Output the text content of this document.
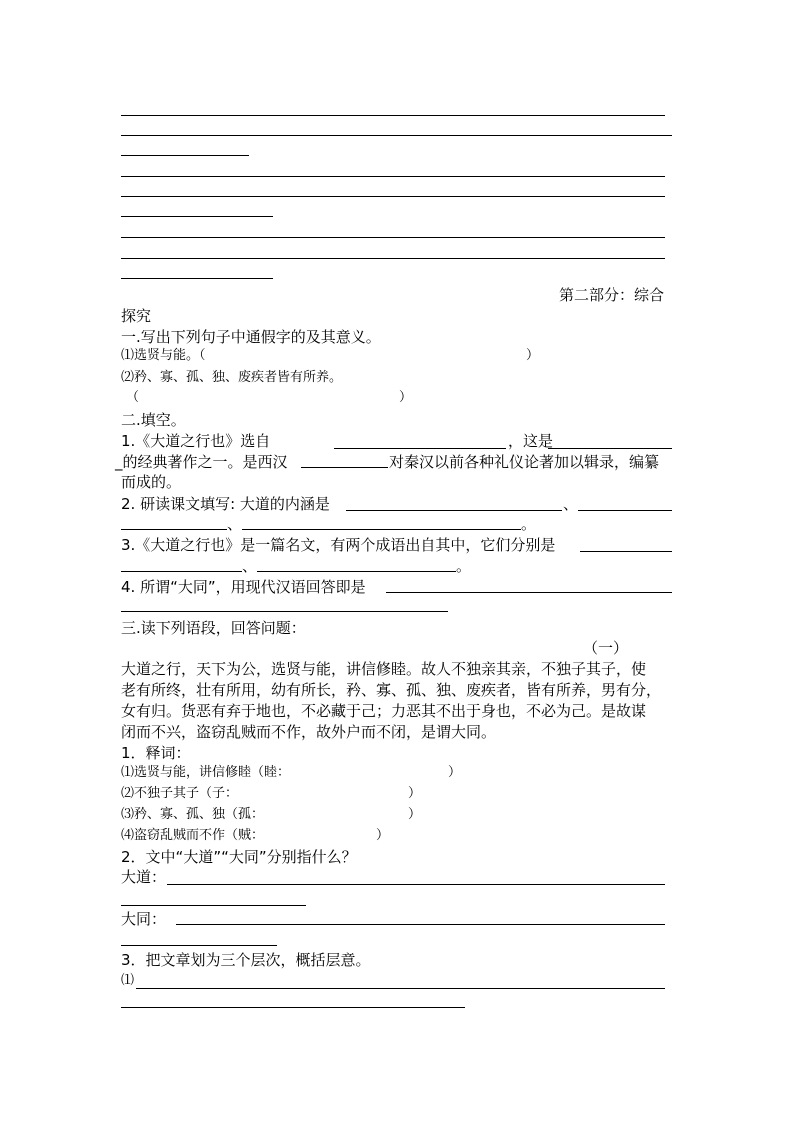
第二部分：综合
探究
一.写出下列句子中通假字的及其意义。
⑴选贤与能。（	）
⑵矜、寡、孤、独、废疾者皆有所养。
（	）
二.填空。
1.《大道之行也》选自	，这是
_的经典著作之一。是西汉	对秦汉以前各种礼仪论著加以辑录，编纂
而成的。
2. 研读课文填写: 大道的内涵是	、
、	。
3.《大道之行也》是一篇名文，有两个成语出自其中，它们分别是
、	。
4. 所谓“大同”，用现代汉语回答即是
三.读下列语段，回答问题：
（一）
大道之行，天下为公，选贤与能，讲信修睦。故人不独亲其亲，不独子其子，使
老有所终，壮有所用，幼有所长，矜、寡、孤、独、废疾者，皆有所养，男有分，
女有归。货恶有弃于地也，不必藏于己；力恶其不出于身也，不必为己。是故谋
闭而不兴，盗窃乱贼而不作，故外户而不闭，是谓大同。
1．释词：
⑴选贤与能，讲信修睦（睦：	）
⑵不独子其子（子：	）
⑶矜、寡、孤、独（孤：	）
⑷盗窃乱贼而不作（贼：	）
2．文中“大道”“大同”分别指什么？
大道：
大同：
3．把文章划为三个层次，概括层意。
⑴
